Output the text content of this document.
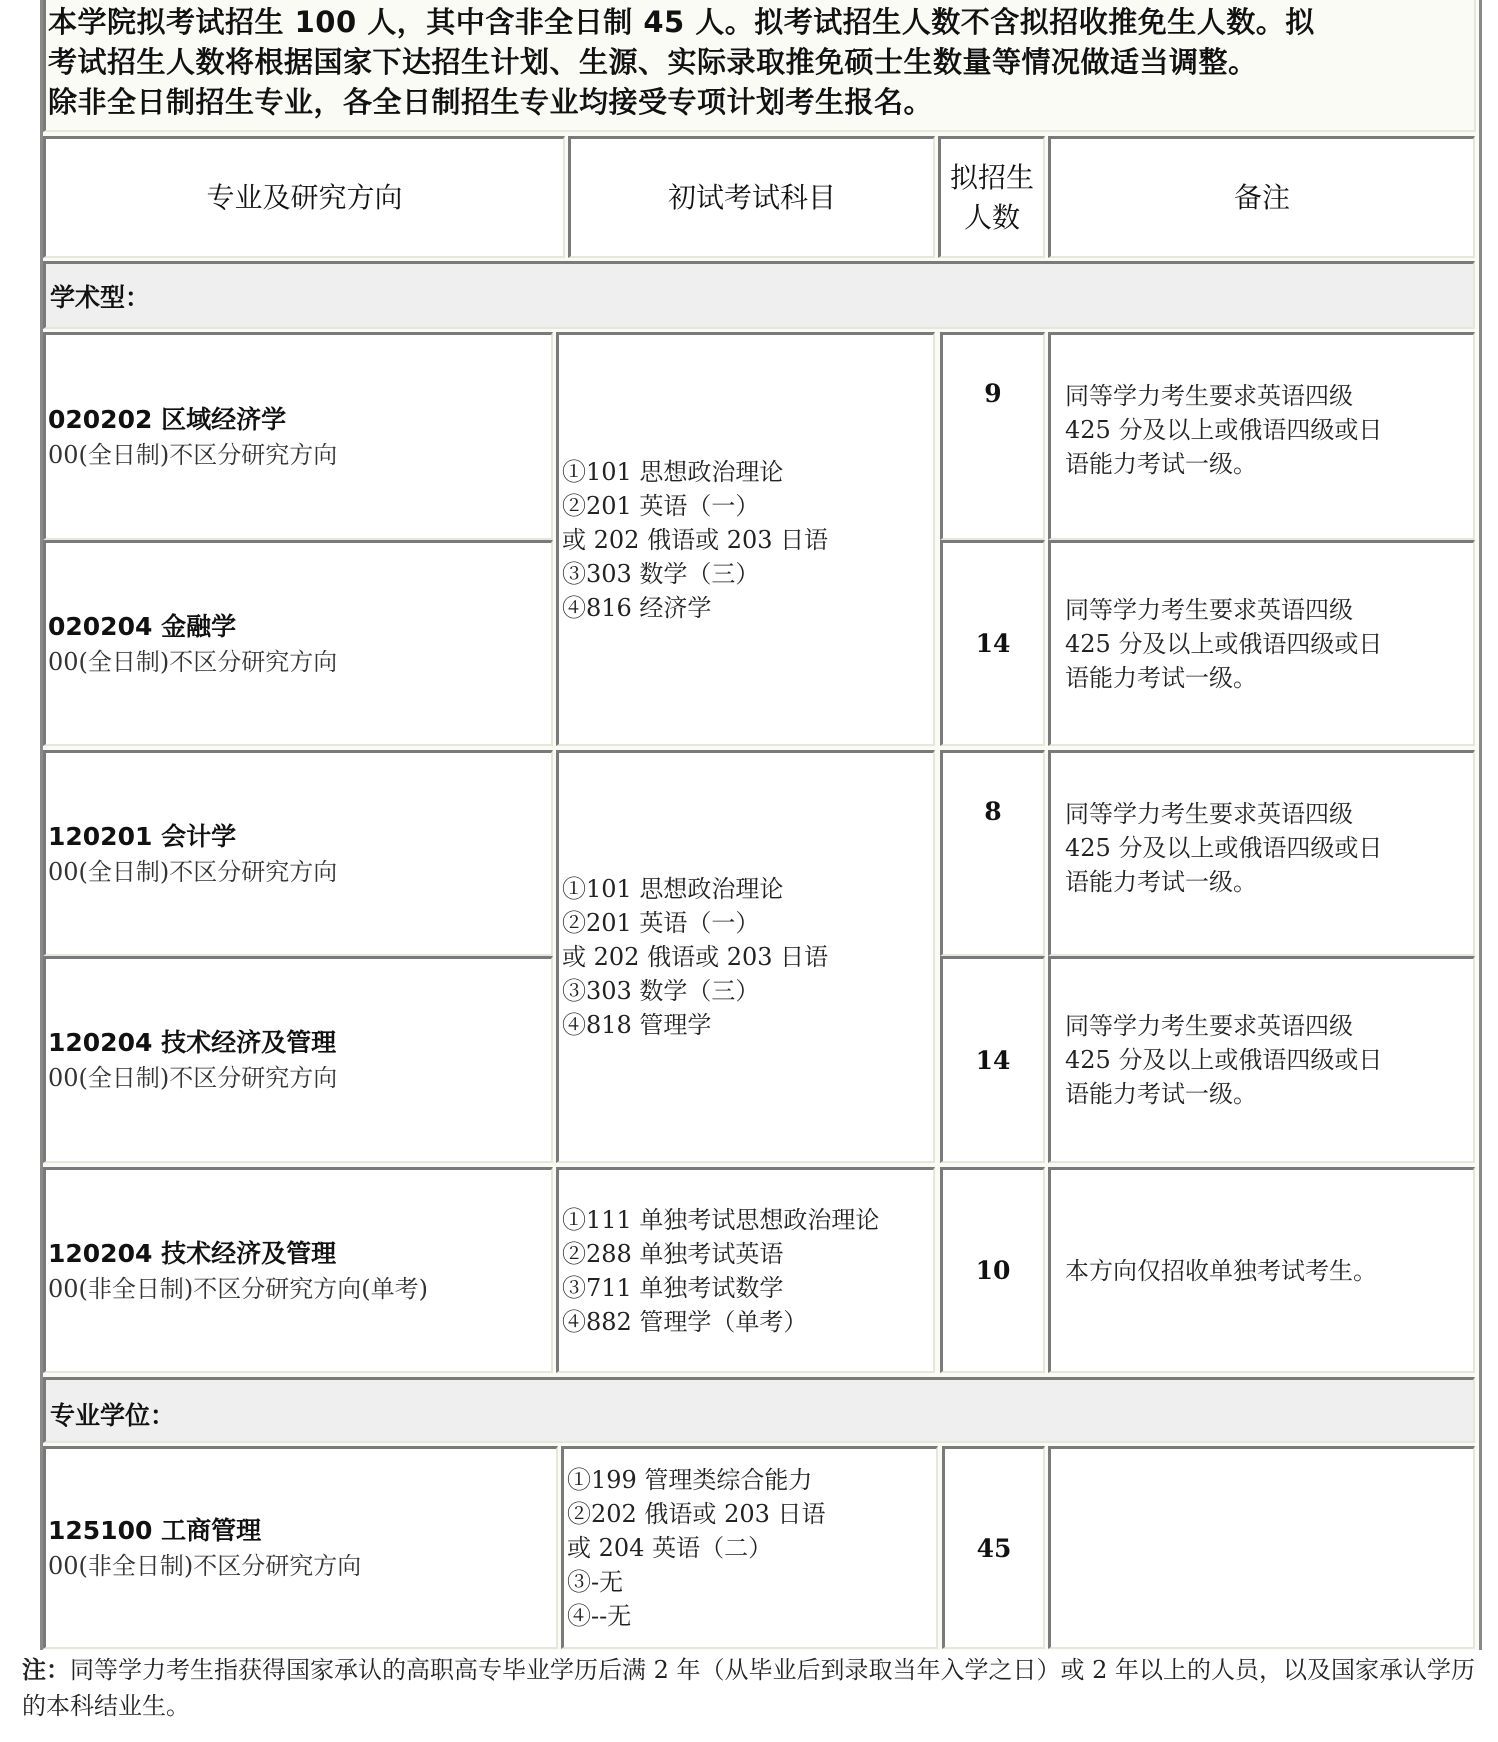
本学院拟考试招生 100 人，其中含非全日制 45 人。拟考试招生人数不含拟招收推免生人数。拟
考试招生人数将根据国家下达招生计划、生源、实际录取推免硕士生数量等情况做适当调整。
除非全日制招生专业，各全日制招生专业均接受专项计划考生报名。
专业及研究方向	初试考试科目
拟招生
人数
备注
学术型：
020202 区域经济学
00(全日制)不区分研究方向
020204 金融学
00(全日制)不区分研究方向
①101 思想政治理论
②201 英语（一）
或 202 俄语或 203 日语
③303 数学（三）
④816 经济学
9
14
同等学力考生要求英语四级
425 分及以上或俄语四级或日
语能力考试一级。
同等学力考生要求英语四级
425 分及以上或俄语四级或日
语能力考试一级。
120201 会计学
00(全日制)不区分研究方向
120204 技术经济及管理
00(全日制)不区分研究方向
①101 思想政治理论
②201 英语（一）
或 202 俄语或 203 日语
③303 数学（三）
④818 管理学
8
14
同等学力考生要求英语四级
425 分及以上或俄语四级或日
语能力考试一级。
同等学力考生要求英语四级
425 分及以上或俄语四级或日
语能力考试一级。
120204 技术经济及管理
00(非全日制)不区分研究方向(单考)
①111 单独考试思想政治理论
②288 单独考试英语
③711 单独考试数学
④882 管理学（单考）
10 本方向仅招收单独考试考生。
专业学位：
125100 工商管理
00(非全日制)不区分研究方向
①199 管理类综合能力
②202 俄语或 203 日语
或 204 英语（二）
③-无
④--无
45
注：同等学力考生指获得国家承认的高职高专毕业学历后满 2 年（从毕业后到录取当年入学之日）或 2 年以上的人员，以及国家承认学历的本科结业生。
